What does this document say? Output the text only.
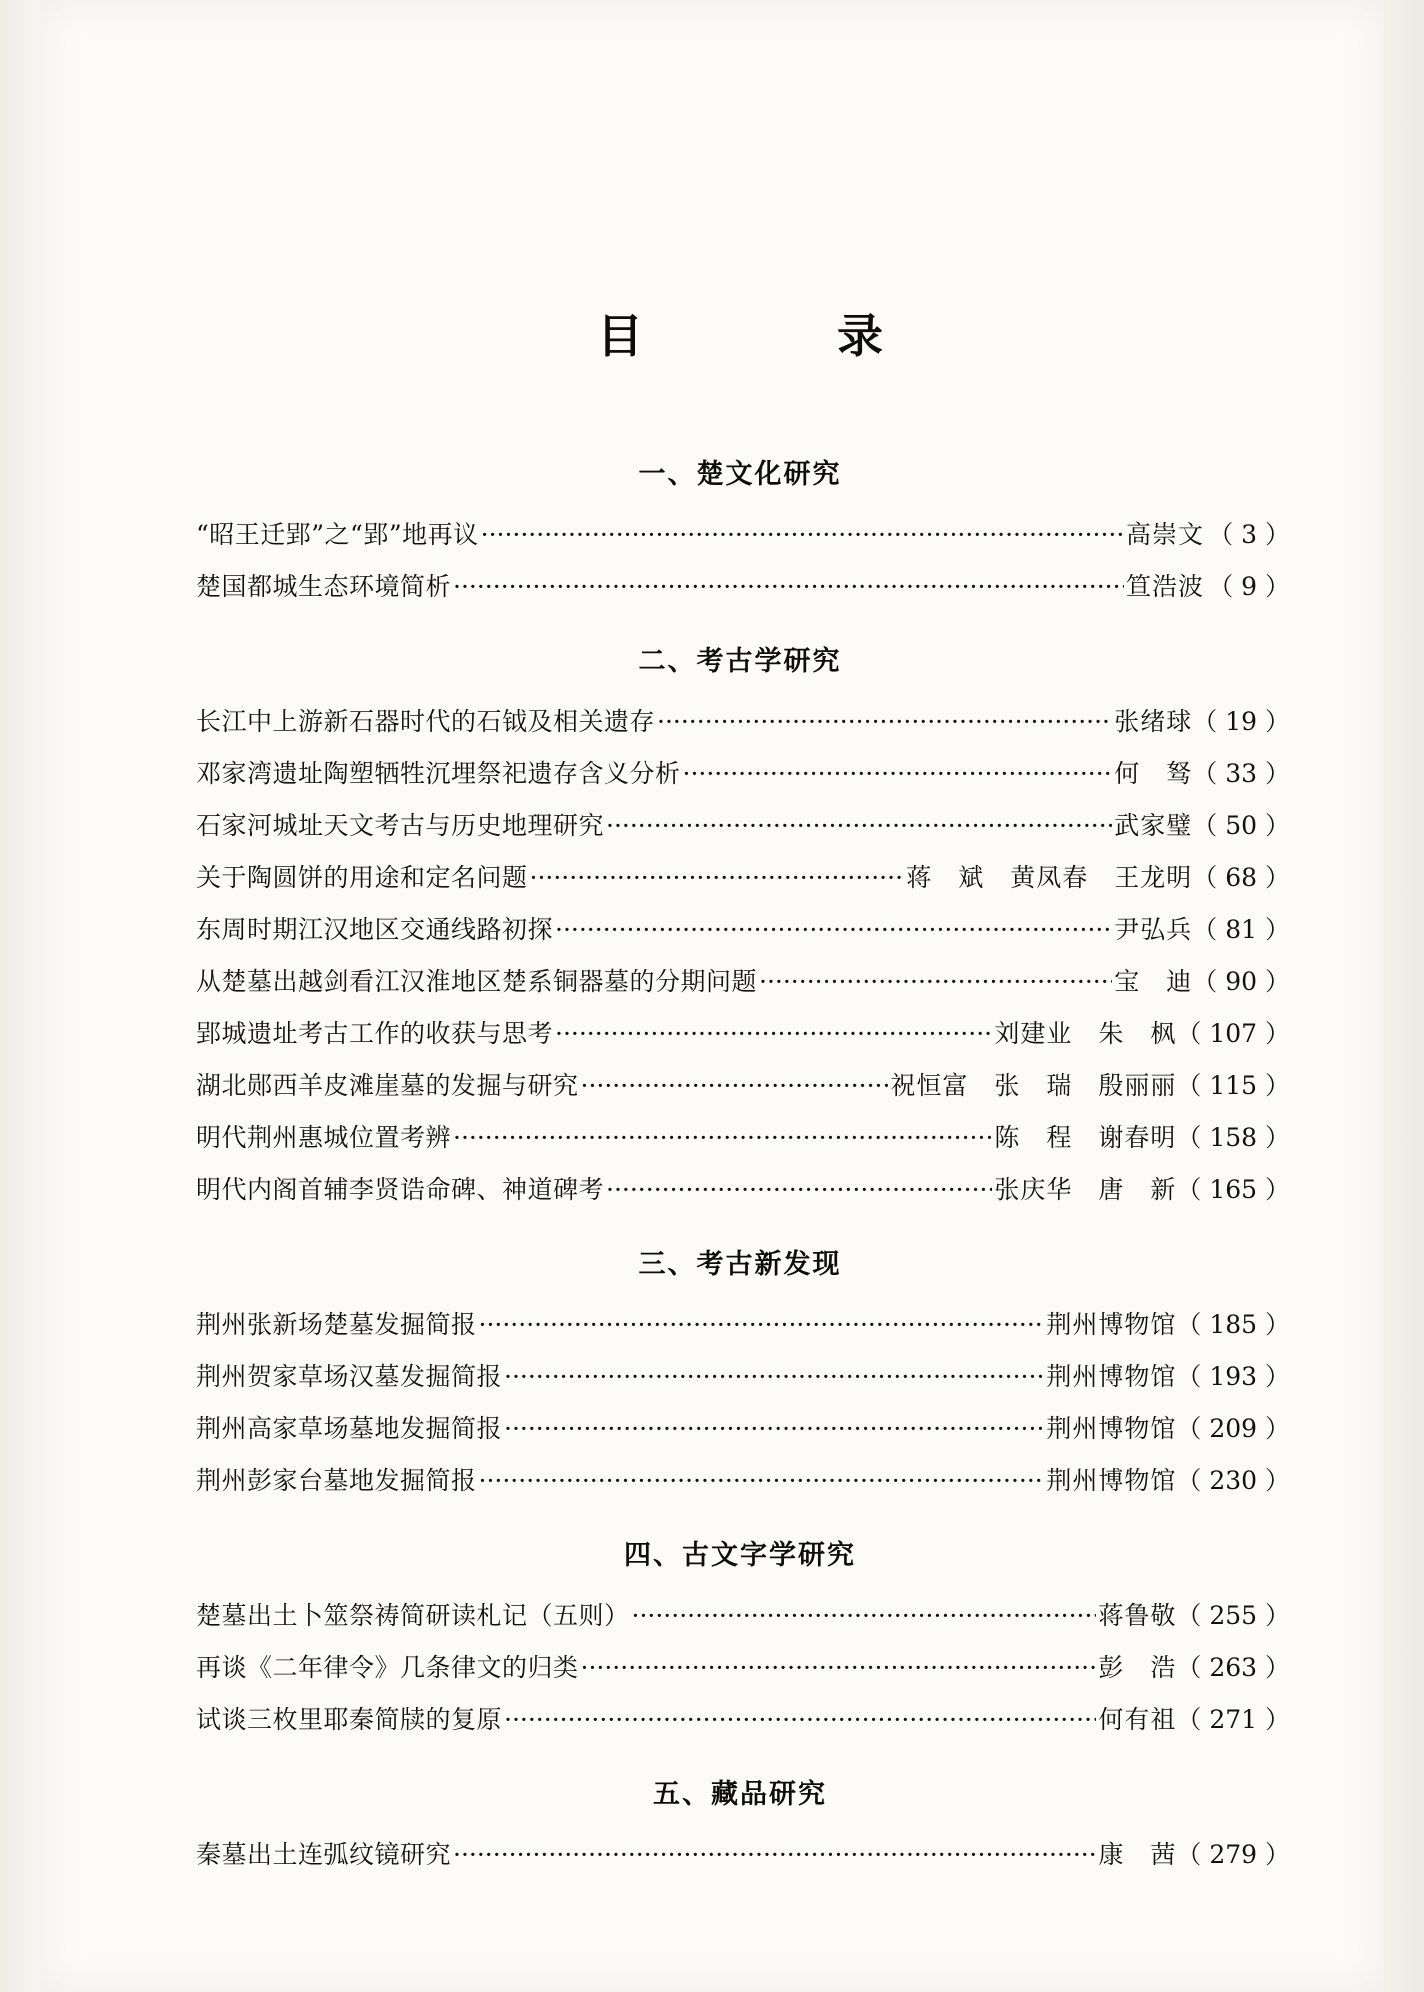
目　　录
一、楚文化研究
“昭王迁郢”之“郢”地再议 ·····	高崇文 （ 3 ）
楚国都城生态环境简析 ·····	笪浩波 （ 9 ）
二、考古学研究
长江中上游新石器时代的石钺及相关遗存 ·····	张绪球 （ 19 ）
邓家湾遗址陶塑牺牲沉埋祭祀遗存含义分析 ·····	何　驽 （ 33 ）
石家河城址天文考古与历史地理研究 ·····	武家璧 （ 50 ）
关于陶圆饼的用途和定名问题 ·····	蒋　斌　黄凤春　王龙明 （ 68 ）
东周时期江汉地区交通线路初探 ·····	尹弘兵 （ 81 ）
从楚墓出越剑看江汉淮地区楚系铜器墓的分期问题 ·····	宝　迪 （ 90 ）
郢城遗址考古工作的收获与思考 ·····	刘建业　朱　枫 （ 107 ）
湖北郧西羊皮滩崖墓的发掘与研究 ·····	祝恒富　张　瑞　殷丽丽 （ 115 ）
明代荆州惠城位置考辨 ·····	陈　程　谢春明 （ 158 ）
明代内阁首辅李贤诰命碑、神道碑考 ·····	张庆华　唐　新 （ 165 ）
三、考古新发现
荆州张新场楚墓发掘简报 ·····	荆州博物馆 （ 185 ）
荆州贺家草场汉墓发掘简报 ·····	荆州博物馆 （ 193 ）
荆州高家草场墓地发掘简报 ·····	荆州博物馆 （ 209 ）
荆州彭家台墓地发掘简报 ·····	荆州博物馆 （ 230 ）
四、古文字学研究
楚墓出土卜筮祭祷简研读札记（五则） ·····	蒋鲁敬 （ 255 ）
再谈《二年律令》几条律文的归类 ·····	彭　浩 （ 263 ）
试谈三枚里耶秦简牍的复原 ·····	何有祖 （ 271 ）
五、藏品研究
秦墓出土连弧纹镜研究 ·····	康　茜 （ 279 ）
